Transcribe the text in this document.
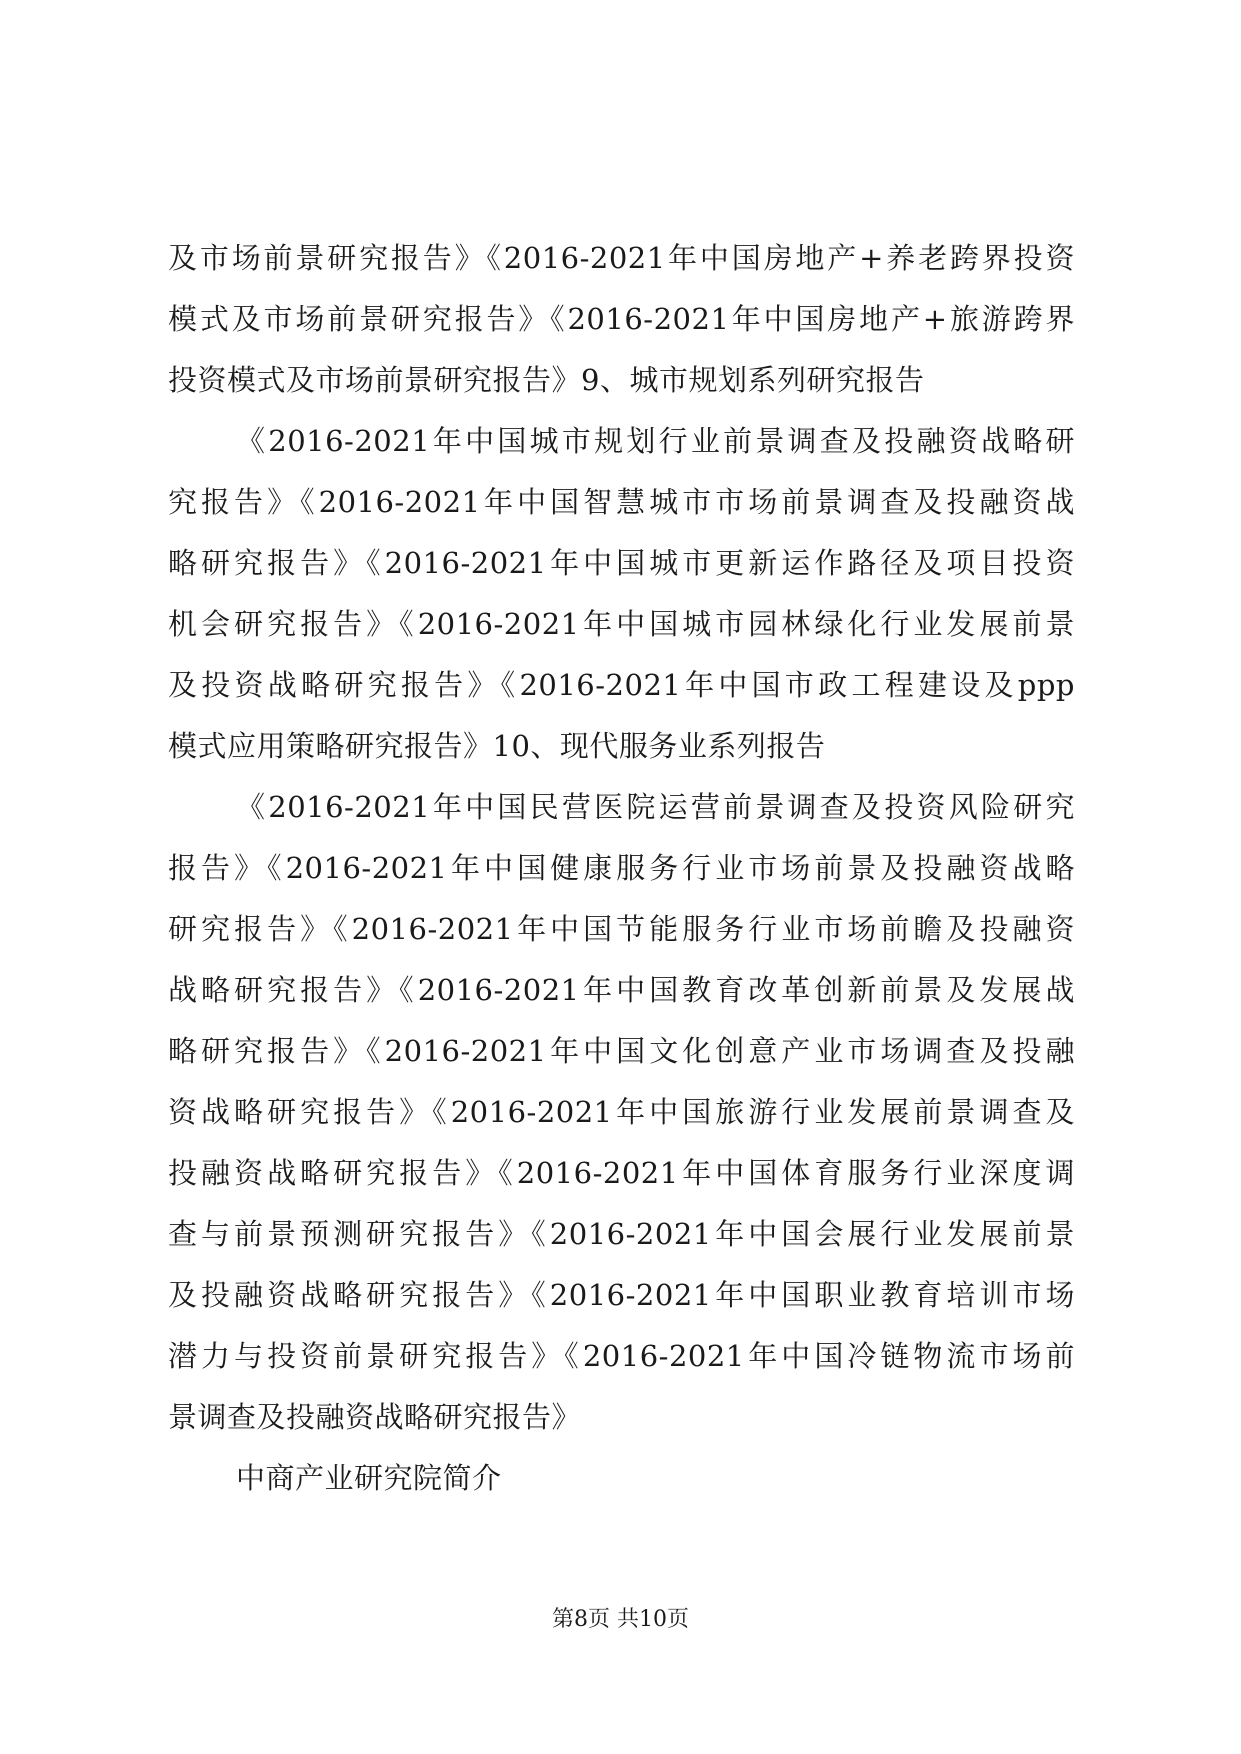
及市场前景研究报告》《2016-2021年中国房地产+养老跨界投资
模式及市场前景研究报告》《2016-2021年中国房地产+旅游跨界
投资模式及市场前景研究报告》9、城市规划系列研究报告
《2016-2021年中国城市规划行业前景调查及投融资战略研
究报告》《2016-2021年中国智慧城市市场前景调查及投融资战
略研究报告》《2016-2021年中国城市更新运作路径及项目投资
机会研究报告》《2016-2021年中国城市园林绿化行业发展前景
及投资战略研究报告》《2016-2021年中国市政工程建设及ppp
模式应用策略研究报告》10、现代服务业系列报告
《2016-2021年中国民营医院运营前景调查及投资风险研究
报告》《2016-2021年中国健康服务行业市场前景及投融资战略
研究报告》《2016-2021年中国节能服务行业市场前瞻及投融资
战略研究报告》《2016-2021年中国教育改革创新前景及发展战
略研究报告》《2016-2021年中国文化创意产业市场调查及投融
资战略研究报告》《2016-2021年中国旅游行业发展前景调查及
投融资战略研究报告》《2016-2021年中国体育服务行业深度调
查与前景预测研究报告》《2016-2021年中国会展行业发展前景
及投融资战略研究报告》《2016-2021年中国职业教育培训市场
潜力与投资前景研究报告》《2016-2021年中国冷链物流市场前
景调查及投融资战略研究报告》
中商产业研究院简介
第8页 共10页
